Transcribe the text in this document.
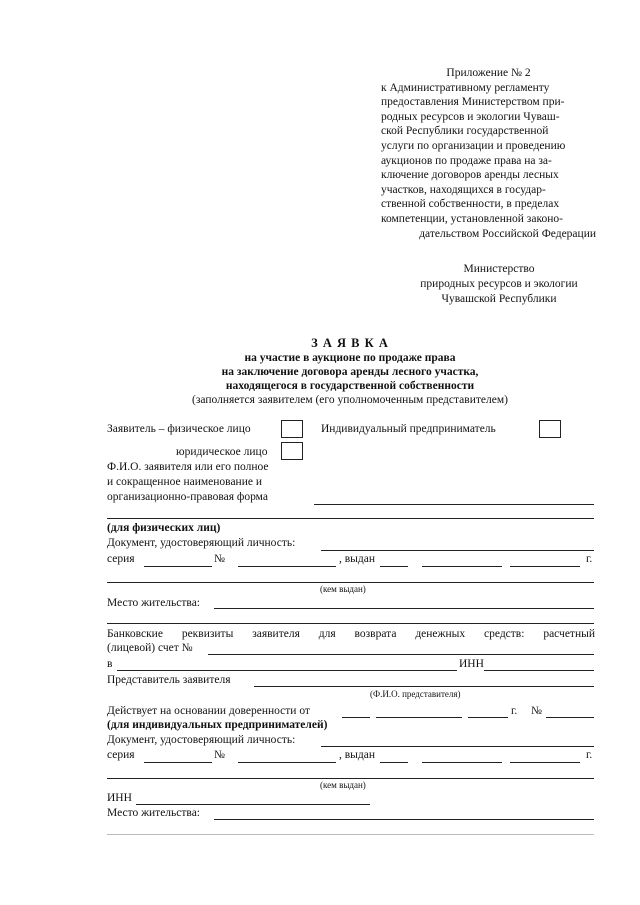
Приложение № 2
к Административному регламенту
предоставления Министерством при-
родных ресурсов и экологии Чуваш-
ской Республики государственной
услуги по организации и проведению
аукционов по продаже права на за-
ключение договоров аренды лесных
участков, находящихся в государ-
ственной собственности, в пределах
компетенции, установленной законо-

дательством Российской Федерации
Министерство
природных ресурсов и экологии
Чувашской Республики
З А Я В К А
на участие в аукционе по продаже права
на заключение договора аренды лесного участка,
находящегося в государственной собственности
(заполняется заявителем (его уполномоченным представителем)
Заявитель – физическое лицо	Индивидуальный предприниматель
юридическое лицо
Ф.И.О. заявителя или его полное
и сокращенное наименование и
организационно-правовая форма
(для физических лиц)
Документ, удостоверяющий личность:
серия	№	, выдан	г.
(кем выдан)
Место жительства:
Банковские реквизиты заявителя для возврата денежных средств: расчетный
(лицевой) счет №
в	ИНН
Представитель заявителя
(Ф.И.О. представителя)
Действует на основании доверенности от	г. №
(для индивидуальных предпринимателей)
Документ, удостоверяющий личность:
серия	№	, выдан	г.
(кем выдан)
ИНН
Место жительства:
